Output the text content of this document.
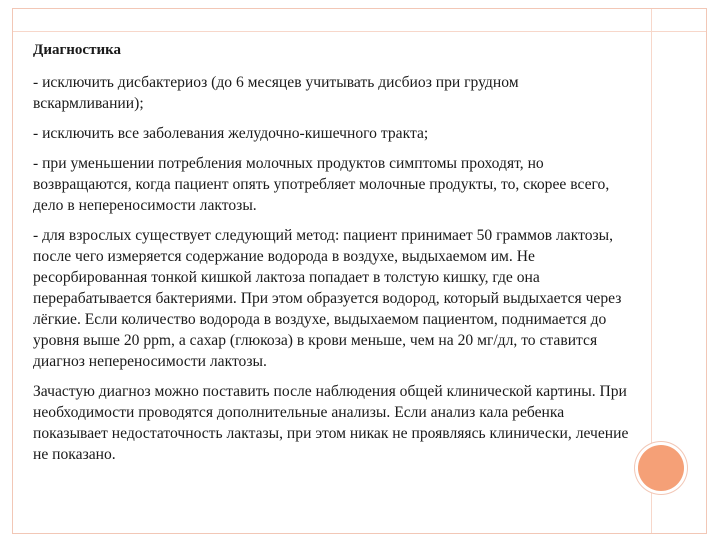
Диагностика

- исключить дисбактериоз (до 6 месяцев учитывать дисбиоз при грудном вскармливании);

- исключить все заболевания желудочно-кишечного тракта;

- при уменьшении потребления молочных продуктов симптомы проходят, но возвращаются, когда пациент опять употребляет молочные продукты, то, скорее всего, дело в непереносимости лактозы.

- для взрослых существует следующий метод: пациент принимает 50 граммов лактозы, после чего измеряется содержание водорода в воздухе, выдыхаемом им. Не ресорбированная тонкой кишкой лактоза попадает в толстую кишку, где она перерабатывается бактериями. При этом образуется водород, который выдыхается через лёгкие. Если количество водорода в воздухе, выдыхаемом пациентом, поднимается до уровня выше 20 ppm, а сахар (глюкоза) в крови меньше, чем на 20 мг/дл, то ставится диагноз непереносимости лактозы.

Зачастую диагноз можно поставить после наблюдения общей клинической картины. При необходимости проводятся дополнительные анализы. Если анализ кала ребенка показывает недостаточность лактазы, при этом никак не проявляясь клинически, лечение не показано.
